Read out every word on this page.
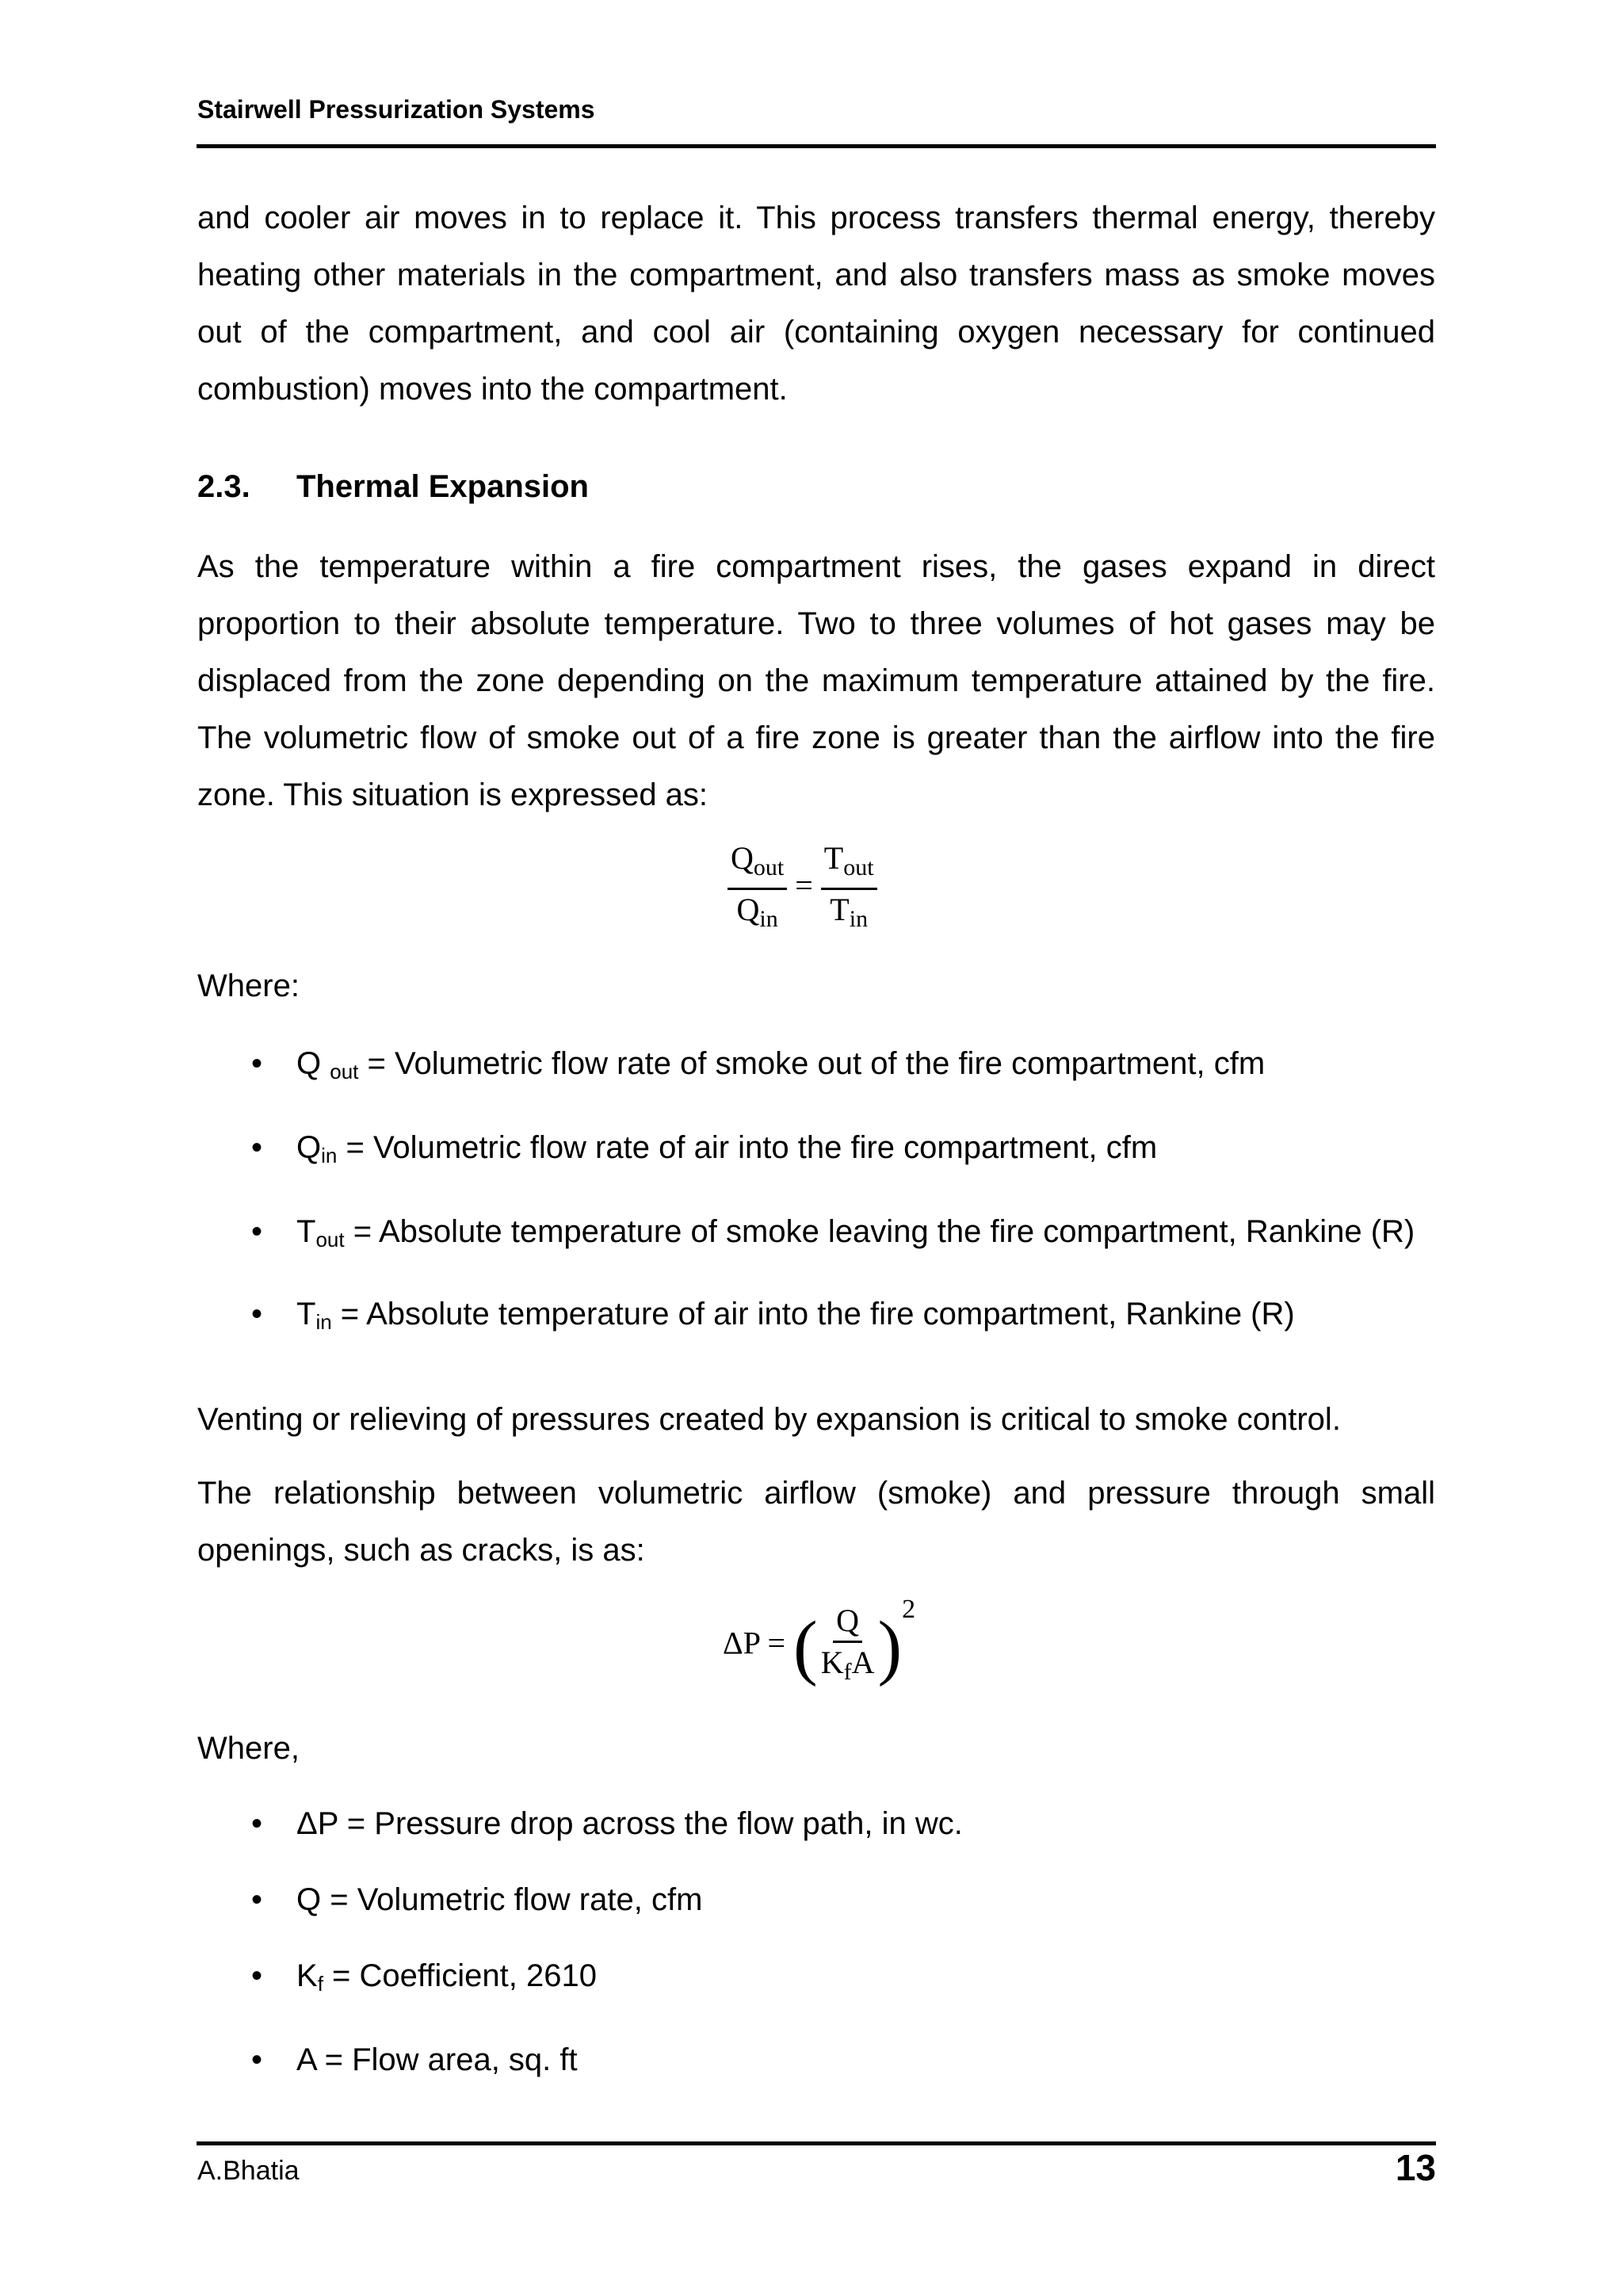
Stairwell Pressurization Systems

and cooler air moves in to replace it. This process transfers thermal energy, thereby heating other materials in the compartment, and also transfers mass as smoke moves out of the compartment, and cool air (containing oxygen necessary for continued combustion) moves into the compartment.

2.3. Thermal Expansion

As the temperature within a fire compartment rises, the gases expand in direct proportion to their absolute temperature. Two to three volumes of hot gases may be displaced from the zone depending on the maximum temperature attained by the fire. The volumetric flow of smoke out of a fire zone is greater than the airflow into the fire zone. This situation is expressed as:

$\frac{Q_{out}}{Q_{in}} = \frac{T_{out}}{T_{in}}$

Where:

• Q $_{out}$ = Volumetric flow rate of smoke out of the fire compartment, cfm
• $Q_{in}$ = Volumetric flow rate of air into the fire compartment, cfm
• $T_{out}$ = Absolute temperature of smoke leaving the fire compartment, Rankine (R)
• $T_{in}$ = Absolute temperature of air into the fire compartment, Rankine (R)

Venting or relieving of pressures created by expansion is critical to smoke control.

The relationship between volumetric airflow (smoke) and pressure through small openings, such as cracks, is as:

ΔP = ( $\frac{Q}{K_fA} )^2$

Where,

• ΔP = Pressure drop across the flow path, in wc.
• Q = Volumetric flow rate, cfm
• $K_f$ = Coefficient, 2610
• A = Flow area, sq. ft
A.Bhatia	13
